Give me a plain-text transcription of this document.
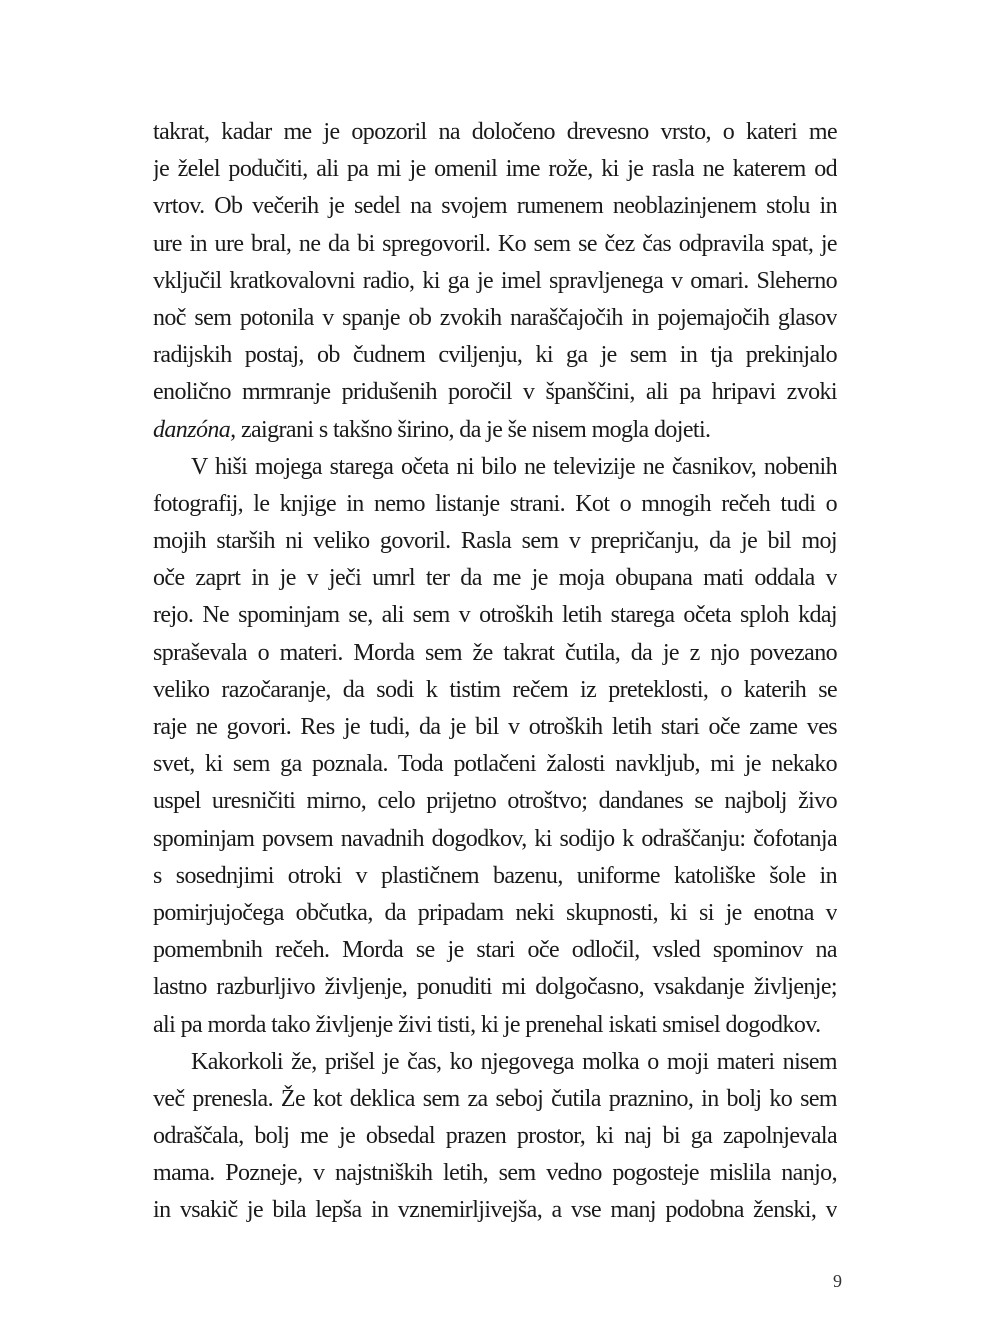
takrat, kadar me je opozoril na določeno drevesno vrsto, o kateri me
je želel podučiti, ali pa mi je omenil ime rože, ki je rasla ne katerem od
vrtov. Ob večerih je sedel na svojem rumenem neoblazinjenem stolu in
ure in ure bral, ne da bi spregovoril. Ko sem se čez čas odpravila spat, je
vključil kratkovalovni radio, ki ga je imel spravljenega v omari. Sleherno
noč sem potonila v spanje ob zvokih naraščajočih in pojemajočih glasov
radijskih postaj, ob čudnem cviljenju, ki ga je sem in tja prekinjalo
enolično mrmranje pridušenih poročil v španščini, ali pa hripavi zvoki
danzóna, zaigrani s takšno širino, da je še nisem mogla dojeti.
V hiši mojega starega očeta ni bilo ne televizije ne časnikov, nobenih
fotografij, le knjige in nemo listanje strani. Kot o mnogih rečeh tudi o
mojih starših ni veliko govoril. Rasla sem v prepričanju, da je bil moj
oče zaprt in je v ječi umrl ter da me je moja obupana mati oddala v
rejo. Ne spominjam se, ali sem v otroških letih starega očeta sploh kdaj
spraševala o materi. Morda sem že takrat čutila, da je z njo povezano
veliko razočaranje, da sodi k tistim rečem iz preteklosti, o katerih se
raje ne govori. Res je tudi, da je bil v otroških letih stari oče zame ves
svet, ki sem ga poznala. Toda potlačeni žalosti navkljub, mi je nekako
uspel uresničiti mirno, celo prijetno otroštvo; dandanes se najbolj živo
spominjam povsem navadnih dogodkov, ki sodijo k odraščanju: čofotanja
s sosednjimi otroki v plastičnem bazenu, uniforme katoliške šole in
pomirjujočega občutka, da pripadam neki skupnosti, ki si je enotna v
pomembnih rečeh. Morda se je stari oče odločil, vsled spominov na
lastno razburljivo življenje, ponuditi mi dolgočasno, vsakdanje življenje;
ali pa morda tako življenje živi tisti, ki je prenehal iskati smisel dogodkov.
Kakorkoli že, prišel je čas, ko njegovega molka o moji materi nisem
več prenesla. Že kot deklica sem za seboj čutila praznino, in bolj ko sem
odraščala, bolj me je obsedal prazen prostor, ki naj bi ga zapolnjevala
mama. Pozneje, v najstniških letih, sem vedno pogosteje mislila nanjo,
in vsakič je bila lepša in vznemirljivejša, a vse manj podobna ženski, v
9
